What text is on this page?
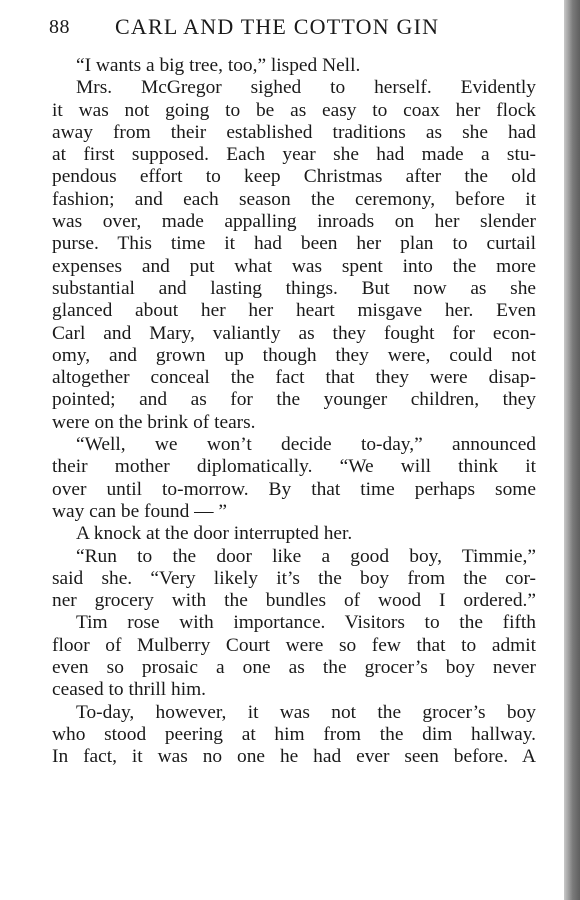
88 CARL AND THE COTTON GIN
“I wants a big tree, too,” lisped Nell.
Mrs. McGregor sighed to herself. Evidently
it was not going to be as easy to coax her flock
away from their established traditions as she had
at first supposed. Each year she had made a stu-
pendous effort to keep Christmas after the old
fashion; and each season the ceremony, before it
was over, made appalling inroads on her slender
purse. This time it had been her plan to curtail
expenses and put what was spent into the more
substantial and lasting things. But now as she
glanced about her her heart misgave her. Even
Carl and Mary, valiantly as they fought for econ-
omy, and grown up though they were, could not
altogether conceal the fact that they were disap-
pointed; and as for the younger children, they
were on the brink of tears.
“Well, we won’t decide to-day,” announced
their mother diplomatically. “We will think it
over until to-morrow. By that time perhaps some
way can be found — ”
A knock at the door interrupted her.
“Run to the door like a good boy, Timmie,”
said she. “Very likely it’s the boy from the cor-
ner grocery with the bundles of wood I ordered.”
Tim rose with importance. Visitors to the fifth
floor of Mulberry Court were so few that to admit
even so prosaic a one as the grocer’s boy never
ceased to thrill him.
To-day, however, it was not the grocer’s boy
who stood peering at him from the dim hallway.
In fact, it was no one he had ever seen before. A
